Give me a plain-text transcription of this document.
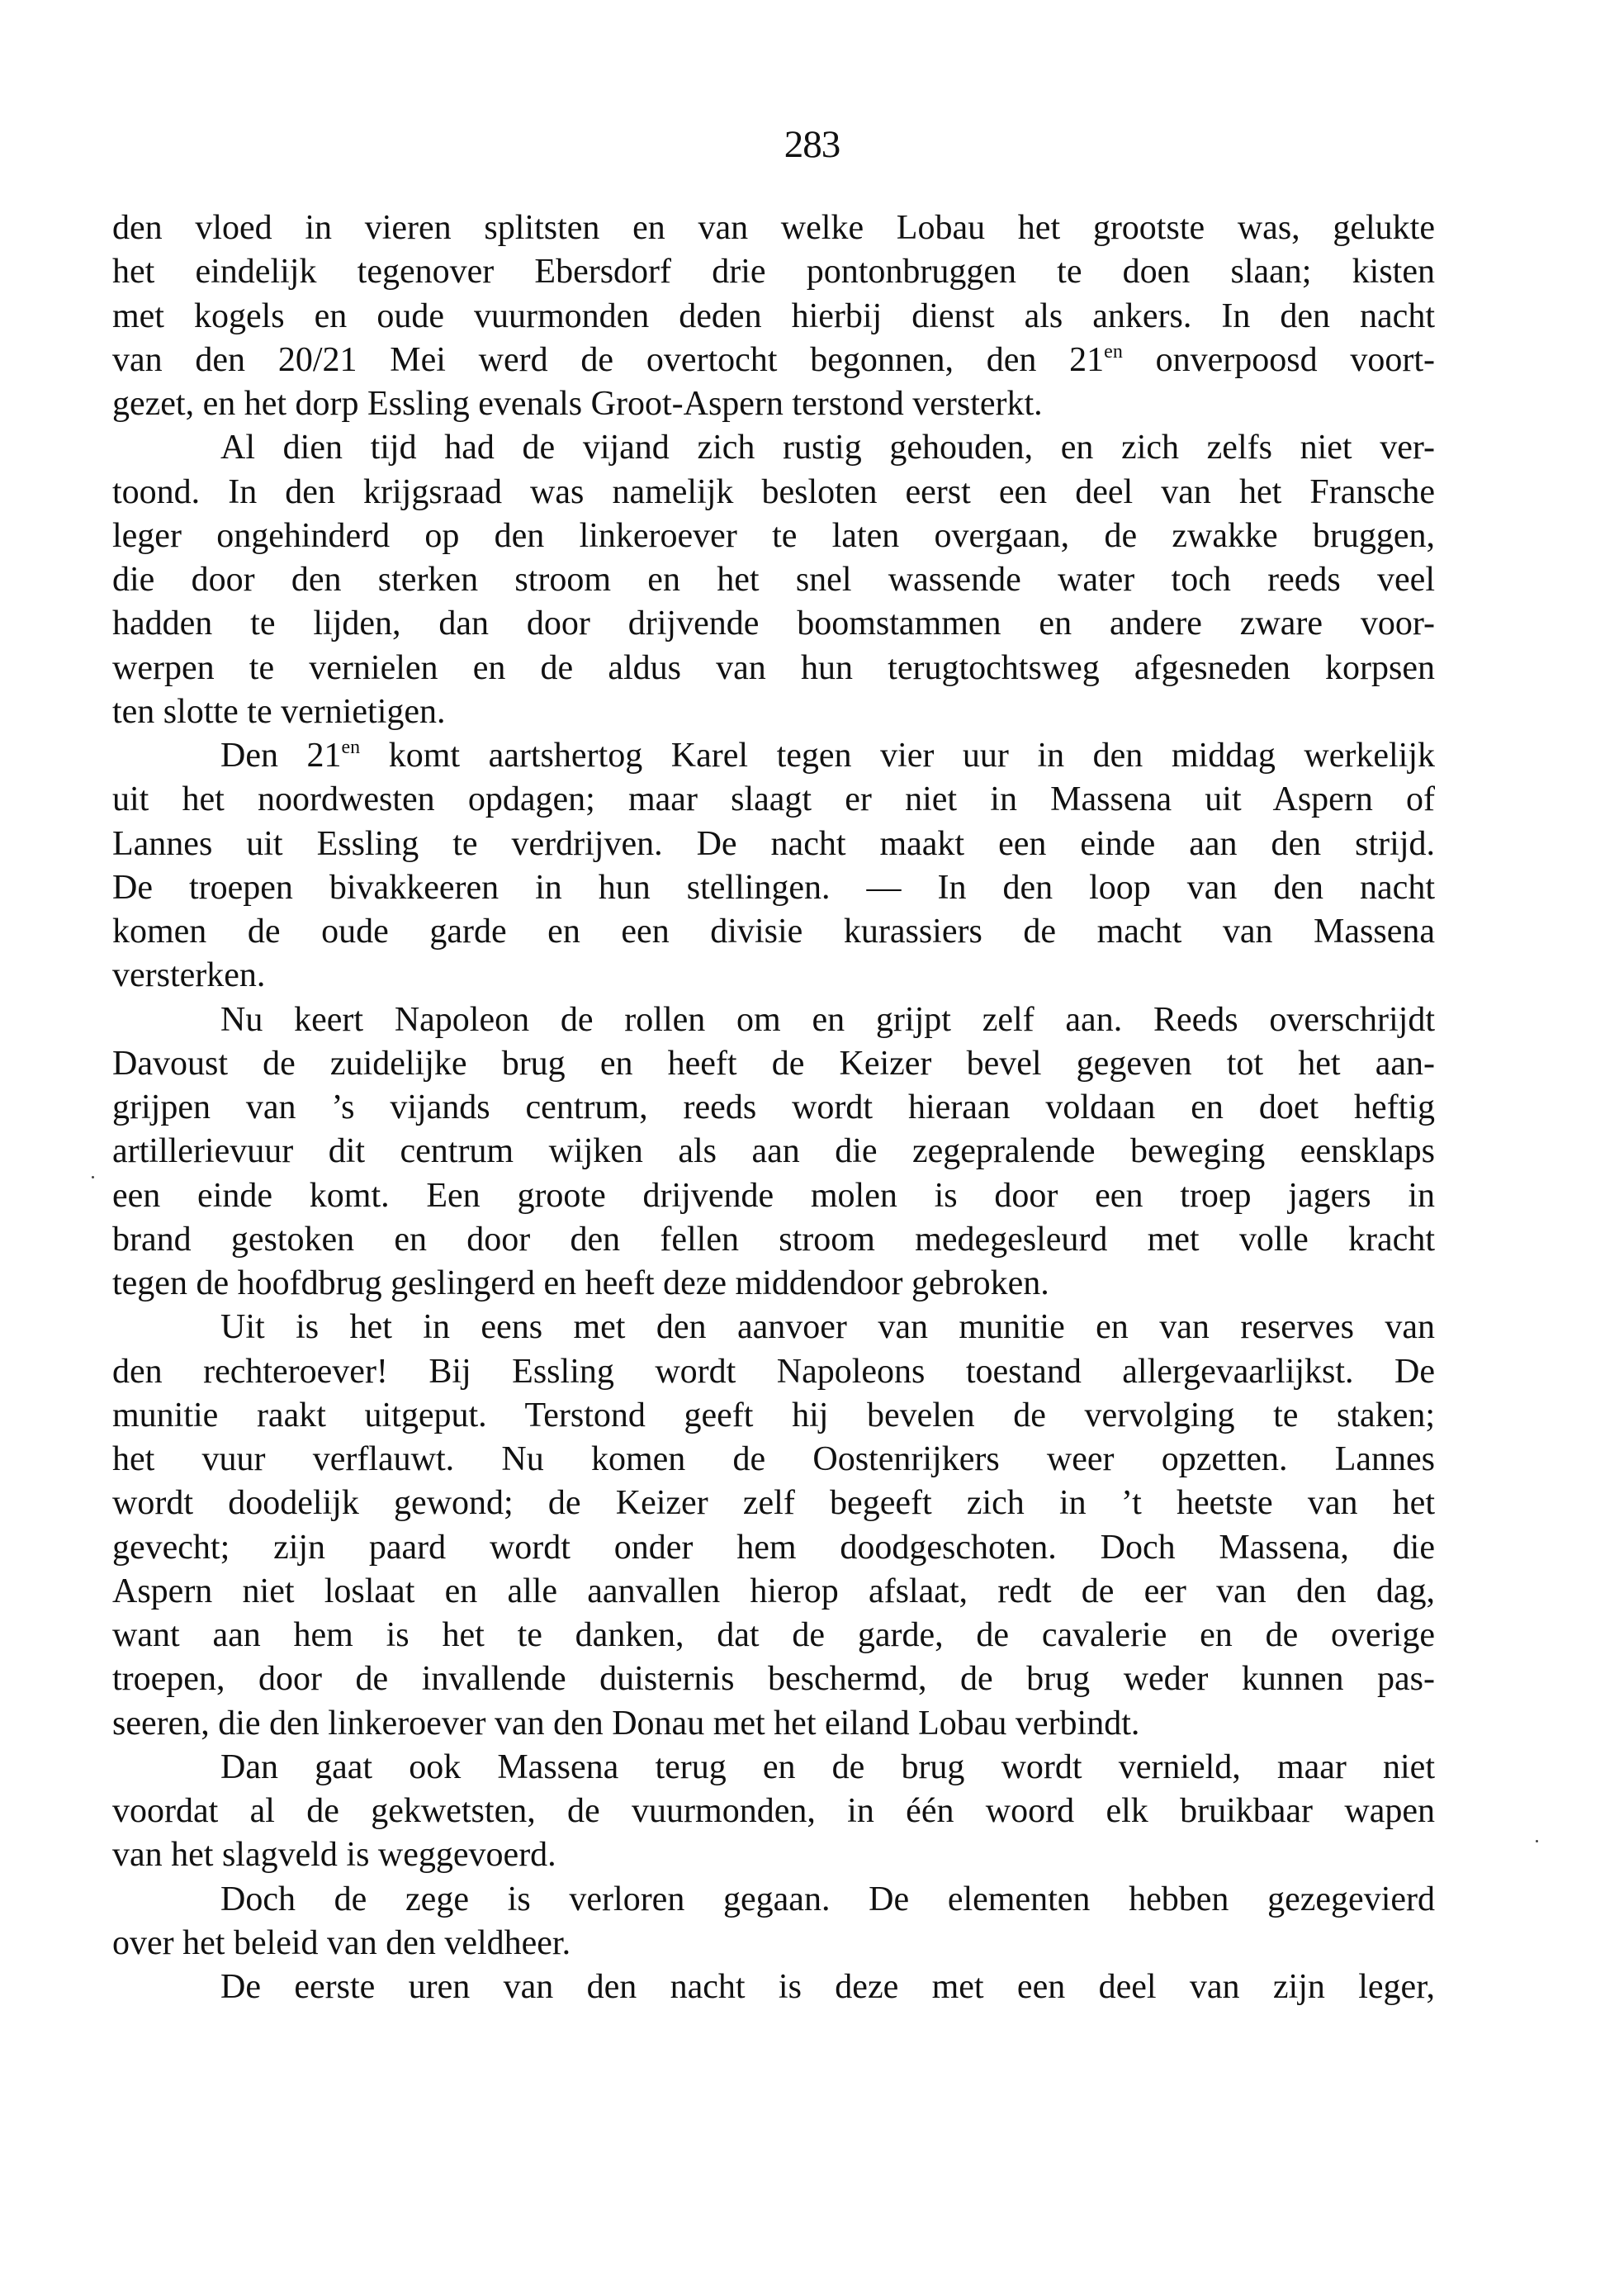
283
den vloed in vieren splitsten en van welke Lobau het grootste was, gelukte
het eindelijk tegenover Ebersdorf drie pontonbruggen te doen slaan; kisten
met kogels en oude vuurmonden deden hierbij dienst als ankers. In den nacht
van den 20/21 Mei werd de overtocht begonnen, den $21^{en}$ onverpoosd voort-
gezet, en het dorp Essling evenals Groot-Aspern terstond versterkt.
Al dien tijd had de vijand zich rustig gehouden, en zich zelfs niet ver-
toond. In den krijgsraad was namelijk besloten eerst een deel van het Fransche
leger ongehinderd op den linkeroever te laten overgaan, de zwakke bruggen,
die door den sterken stroom en het snel wassende water toch reeds veel
hadden te lijden, dan door drijvende boomstammen en andere zware voor-
werpen te vernielen en de aldus van hun terugtochtsweg afgesneden korpsen
ten slotte te vernietigen.
Den $21^{en}$ komt aartshertog Karel tegen vier uur in den middag werkelijk
uit het noordwesten opdagen; maar slaagt er niet in Massena uit Aspern of
Lannes uit Essling te verdrijven. De nacht maakt een einde aan den strijd.
De troepen bivakkeeren in hun stellingen. — In den loop van den nacht
komen de oude garde en een divisie kurassiers de macht van Massena
versterken.
Nu keert Napoleon de rollen om en grijpt zelf aan. Reeds overschrijdt
Davoust de zuidelijke brug en heeft de Keizer bevel gegeven tot het aan-
grijpen van ’s vijands centrum, reeds wordt hieraan voldaan en doet heftig
artillerievuur dit centrum wijken als aan die zegepralende beweging eensklaps
een einde komt. Een groote drijvende molen is door een troep jagers in
brand gestoken en door den fellen stroom medegesleurd met volle kracht
tegen de hoofdbrug geslingerd en heeft deze middendoor gebroken.
Uit is het in eens met den aanvoer van munitie en van reserves van
den rechteroever! Bij Essling wordt Napoleons toestand allergevaarlijkst. De
munitie raakt uitgeput. Terstond geeft hij bevelen de vervolging te staken;
het vuur verflauwt. Nu komen de Oostenrijkers weer opzetten. Lannes
wordt doodelijk gewond; de Keizer zelf begeeft zich in ’t heetste van het
gevecht; zijn paard wordt onder hem doodgeschoten. Doch Massena, die
Aspern niet loslaat en alle aanvallen hierop afslaat, redt de eer van den dag,
want aan hem is het te danken, dat de garde, de cavalerie en de overige
troepen, door de invallende duisternis beschermd, de brug weder kunnen pas-
seeren, die den linkeroever van den Donau met het eiland Lobau verbindt.
Dan gaat ook Massena terug en de brug wordt vernield, maar niet
voordat al de gekwetsten, de vuurmonden, in één woord elk bruikbaar wapen
van het slagveld is weggevoerd.
Doch de zege is verloren gegaan. De elementen hebben gezegevierd
over het beleid van den veldheer.
De eerste uren van den nacht is deze met een deel van zijn leger,
